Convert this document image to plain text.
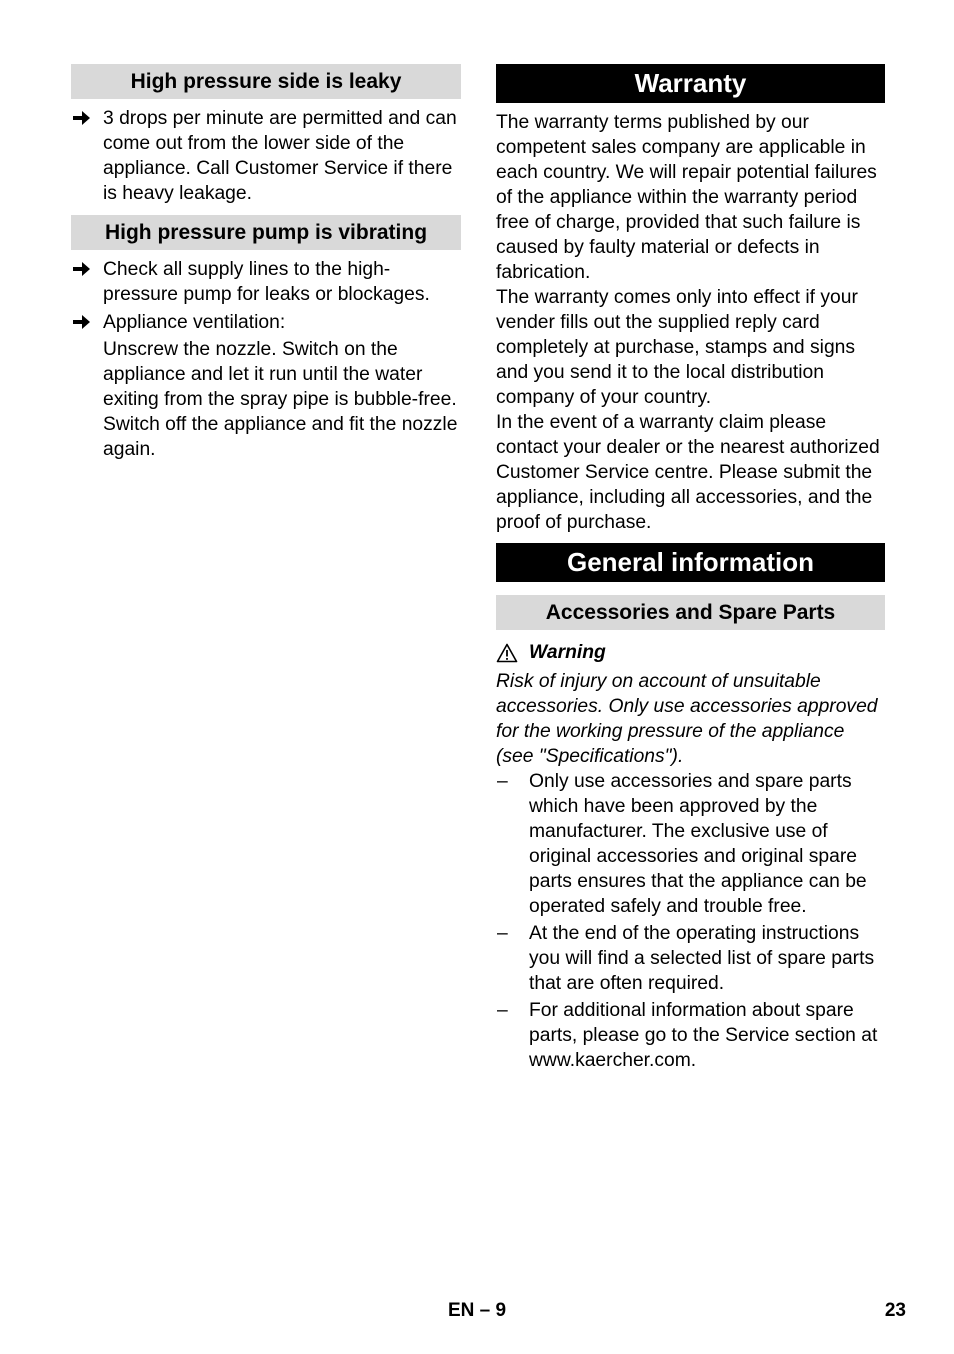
High pressure side is leaky
3 drops per minute are permitted and can come out from the lower side of the appliance. Call Customer Service if there is heavy leakage.
High pressure pump is vibrating
Check all supply lines to the high-pressure pump for leaks or blockages.
Appliance ventilation:
Unscrew the nozzle. Switch on the appliance and let it run until the water exiting from the spray pipe is bubble-free. Switch off the appliance and fit the nozzle again.
Warranty

The warranty terms published by our competent sales company are applicable in each country. We will repair potential failures of the appliance within the warranty period free of charge, provided that such failure is caused by faulty material or defects in fabrication.

The warranty comes only into effect if your vender fills out the supplied reply card completely at purchase, stamps and signs and you send it to the local distribution company of your country.

In the event of a warranty claim please contact your dealer or the nearest authorized Customer Service centre. Please submit the appliance, including all accessories, and the proof of purchase.

General information
Accessories and Spare Parts
Warning

Risk of injury on account of unsuitable accessories. Only use accessories approved for the working pressure of the appliance (see "Specifications").

– Only use accessories and spare parts which have been approved by the manufacturer. The exclusive use of original accessories and original spare parts ensures that the appliance can be operated safely and trouble free.
– At the end of the operating instructions you will find a selected list of spare parts that are often required.
– For additional information about spare parts, please go to the Service section at www.kaercher.com.
EN – 9	23
